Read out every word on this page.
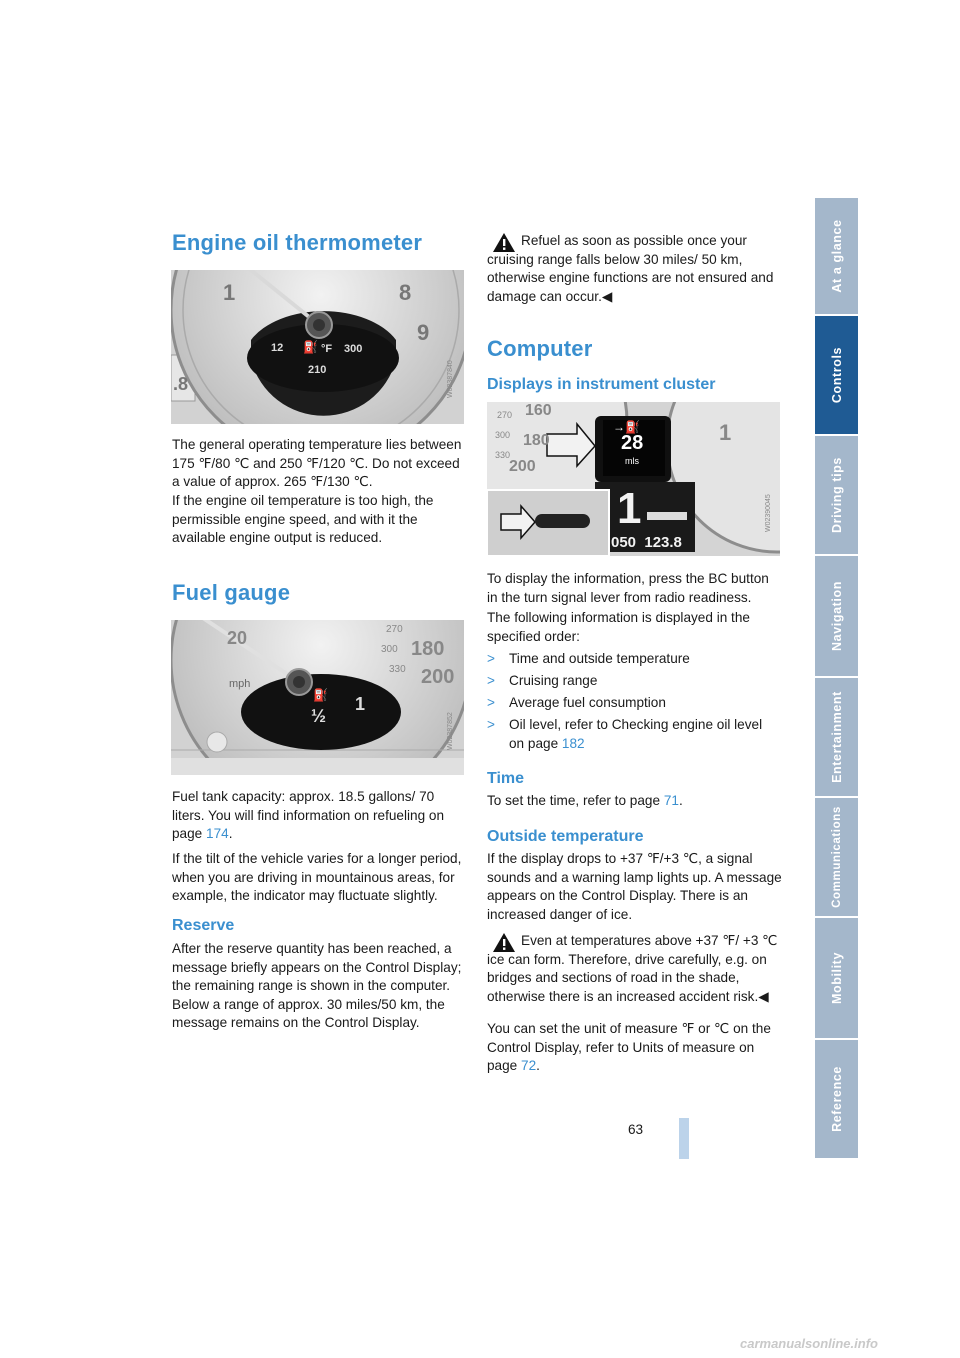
Engine oil thermometer
1	8
9
.8
12 ⛽ °F 300
210	W02387840

The general operating temperature lies between 175 ℉/80 ℃ and 250 ℉/120 ℃. Do not exceed a value of approx. 265 ℉/130 ℃.

If the engine oil temperature is too high, the permissible engine speed, and with it the available engine output is reduced.

Fuel gauge
20	270
300 180
330 200
mph
⛽
½
1
W02387852

Fuel tank capacity: approx. 18.5 gallons/ 70 liters. You will find information on refueling on page 174.

If the tilt of the vehicle varies for a longer period, when you are driving in mountainous areas, for example, the indicator may fluctuate slightly.

Reserve

After the reserve quantity has been reached, a message briefly appears on the Control Display; the remaining range is shown in the computer. Below a range of approx. 30 miles/50 km, the message remains on the Control Display.

Refuel as soon as possible once your cruising range falls below 30 miles/ 50 km, otherwise engine functions are not ensured and damage can occur.◀

Computer
Displays in instrument cluster
160
270
300 180
330
200
1
→⛽
28
mls
1
050  123.8
W02390045

To display the information, press the BC button in the turn signal lever from radio readiness.

The following information is displayed in the specified order:

> Time and outside temperature
> Cruising range
> Average fuel consumption
> Oil level, refer to Checking engine oil level on page 182
Time

To set the time, refer to page 71.

Outside temperature

If the display drops to +37 ℉/+3 ℃, a signal sounds and a warning lamp lights up. A message appears on the Control Display. There is an increased danger of ice.

Even at temperatures above +37 ℉/ +3 ℃ ice can form. Therefore, drive carefully, e.g. on bridges and sections of road in the shade, otherwise there is an increased accident risk.◀

You can set the unit of measure ℉ or ℃ on the Control Display, refer to Units of measure on page 72.

63
At a glance
Controls
Driving tips
Navigation
Entertainment
Communications
Mobility
Reference
carmanualsonline.info
